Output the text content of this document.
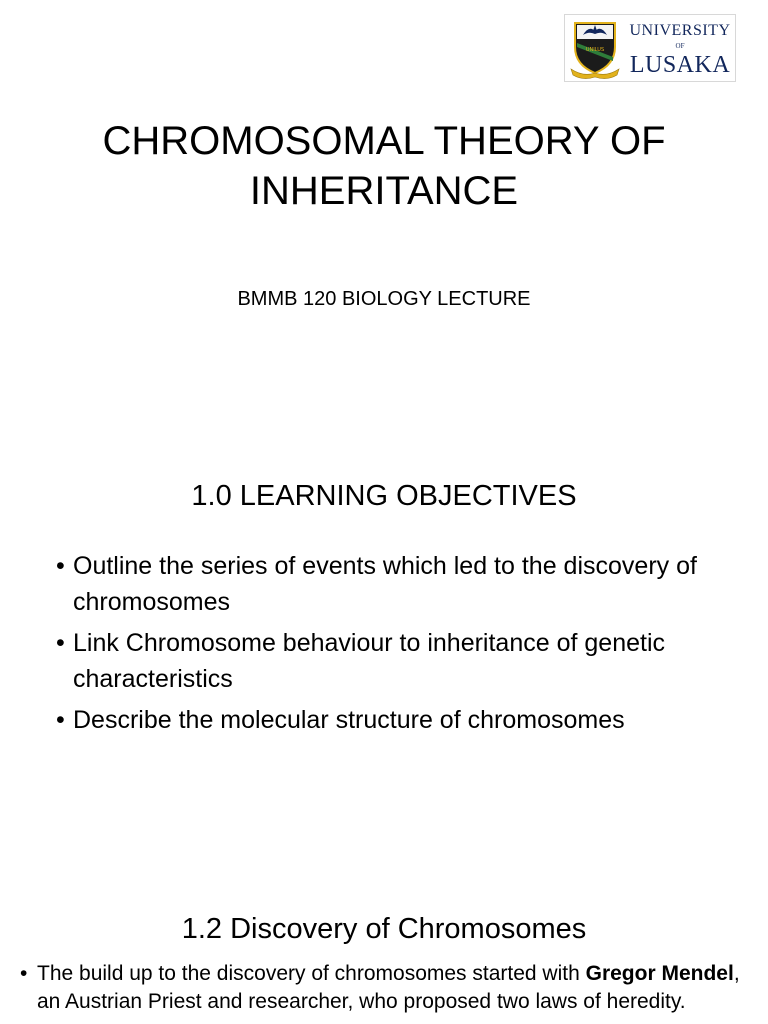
UNILUS
UNIVERSITY
OF
LUSAKA
CHROMOSOMAL THEORY OF INHERITANCE
BMMB 120 BIOLOGY LECTURE
1.0 LEARNING OBJECTIVES
• Outline the series of events which led to the discovery of chromosomes
• Link Chromosome behaviour to inheritance of genetic characteristics
• Describe the molecular structure of chromosomes
1.2 Discovery of Chromosomes
• The build up to the discovery of chromosomes started with Gregor Mendel, an Austrian Priest and researcher, who proposed two laws of heredity.
